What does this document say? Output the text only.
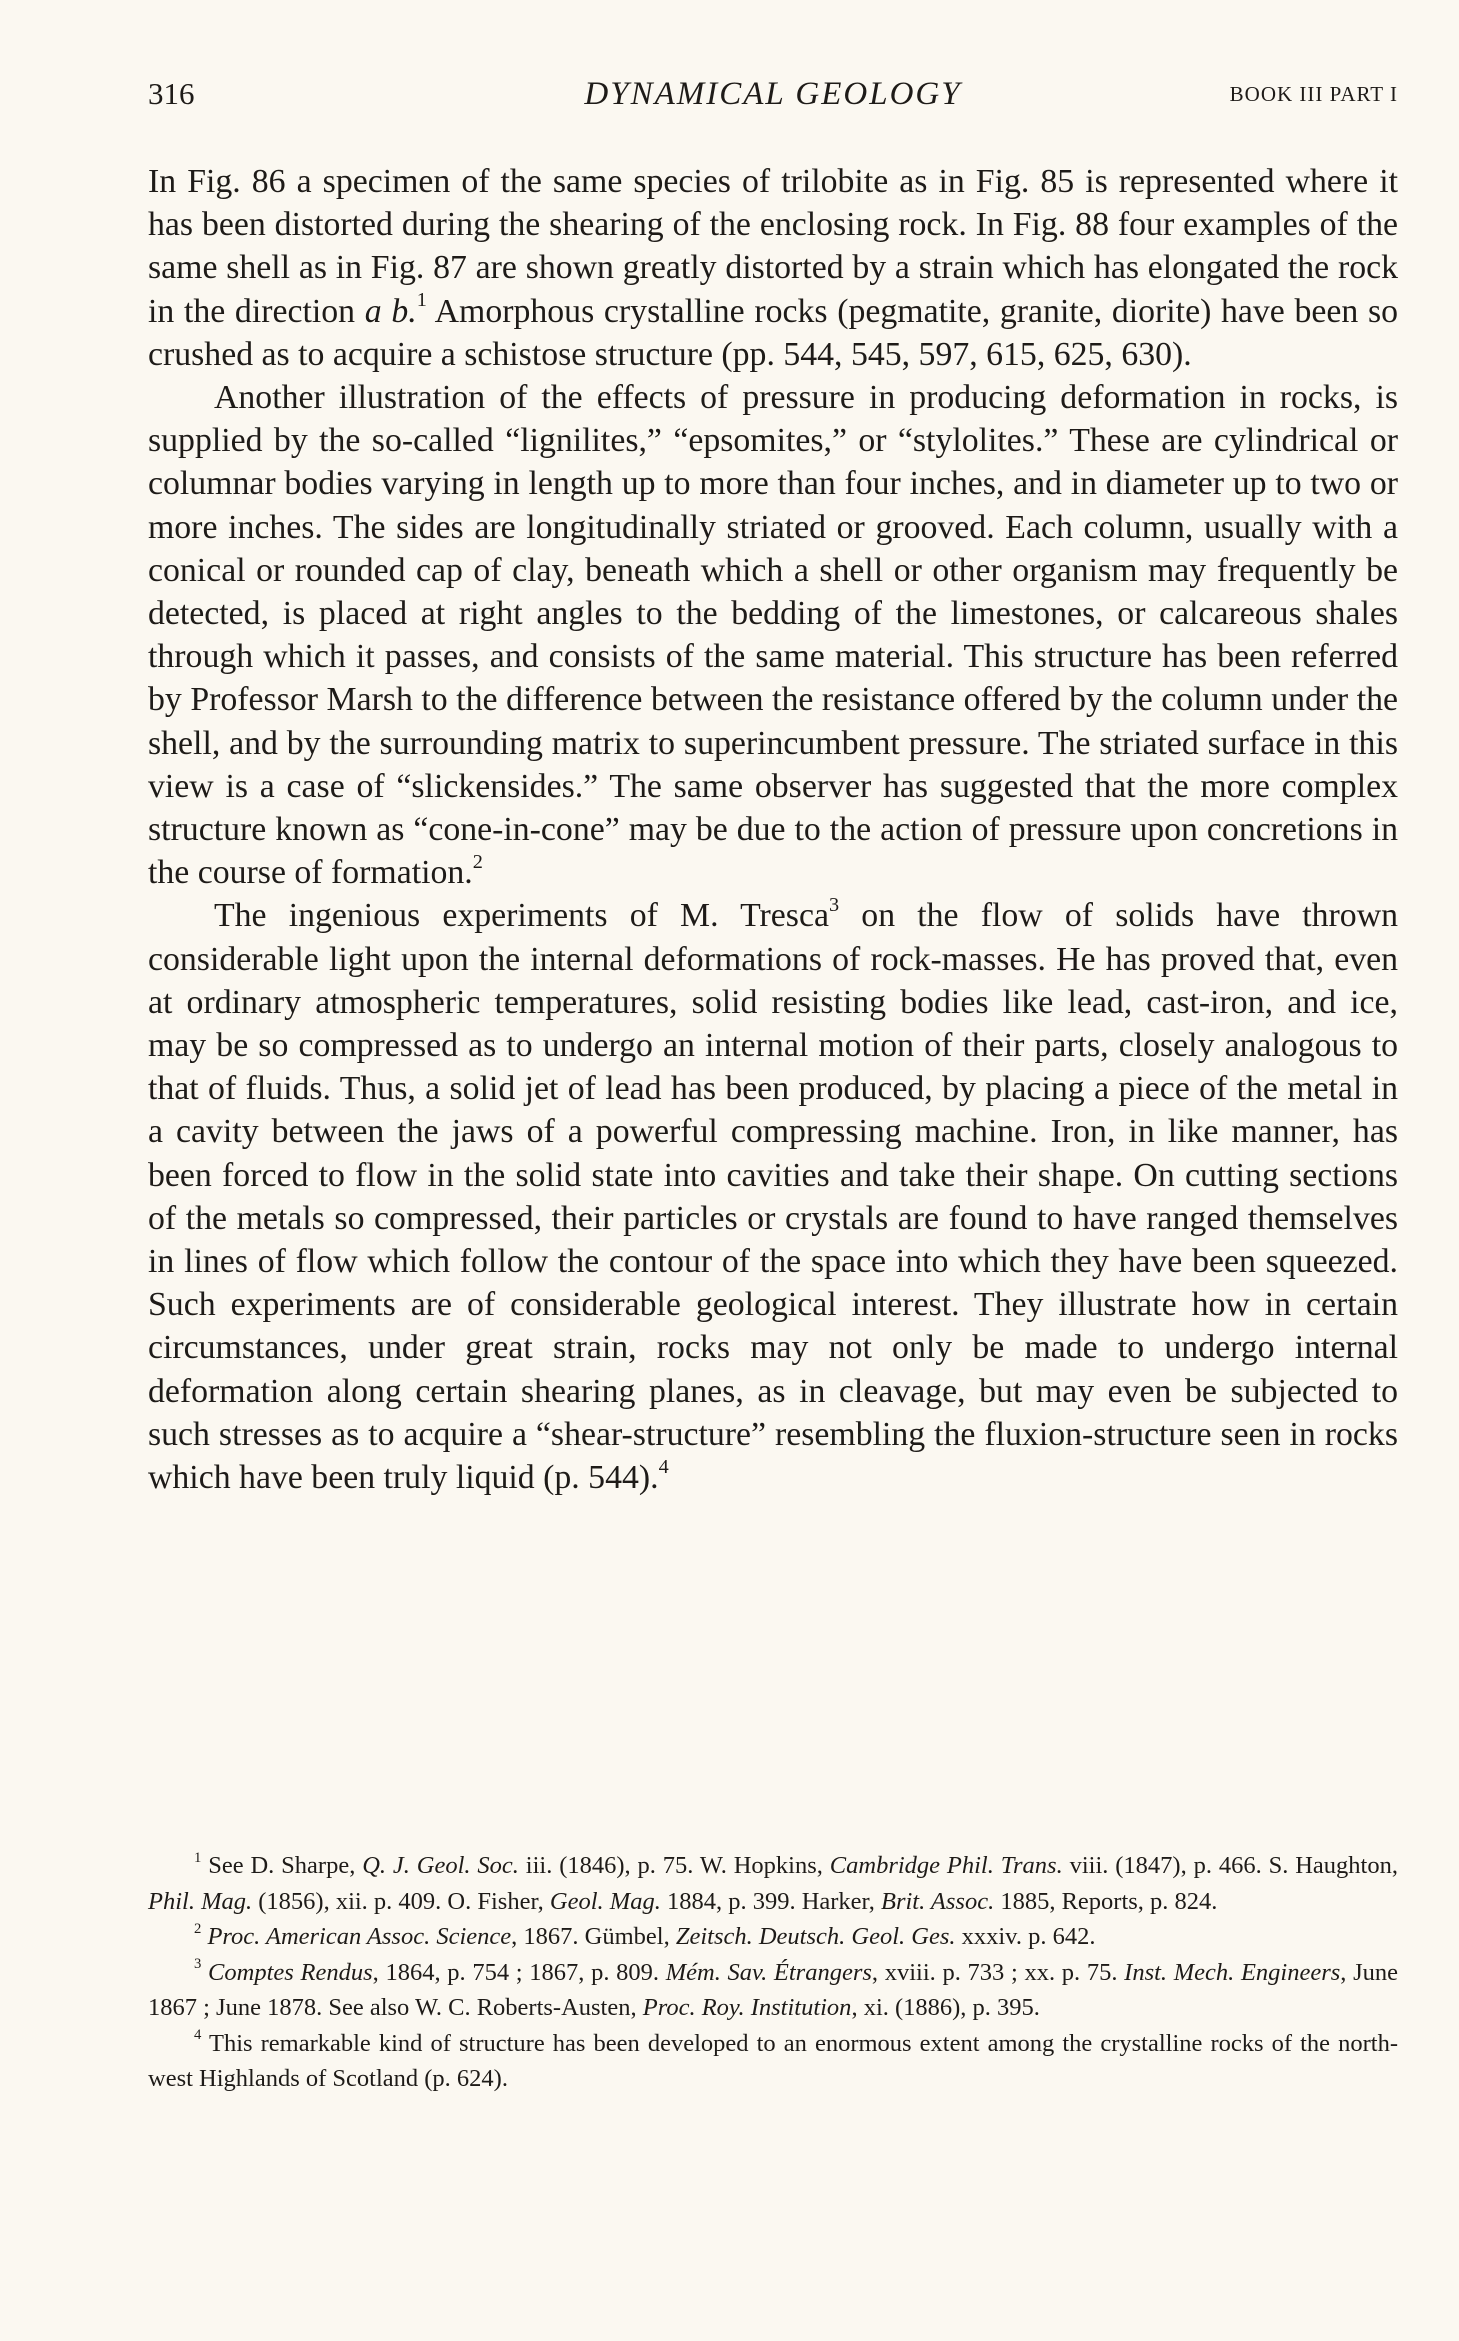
316	DYNAMICAL GEOLOGY	BOOK III PART I

In Fig. 86 a specimen of the same species of trilobite as in Fig. 85 is represented where it has been distorted during the shearing of the enclosing rock. In Fig. 88 four examples of the same shell as in Fig. 87 are shown greatly distorted by a strain which has elongated the rock in the direction a b.$^1$ Amorphous crystalline rocks (pegmatite, granite, diorite) have been so crushed as to acquire a schistose structure (pp. 544, 545, 597, 615, 625, 630).

Another illustration of the effects of pressure in producing deformation in rocks, is supplied by the so-called “lignilites,” “epsomites,” or “stylolites.” These are cylindrical or columnar bodies varying in length up to more than four inches, and in diameter up to two or more inches. The sides are longitudinally striated or grooved. Each column, usually with a conical or rounded cap of clay, beneath which a shell or other organism may frequently be detected, is placed at right angles to the bedding of the limestones, or calcareous shales through which it passes, and consists of the same material. This structure has been referred by Professor Marsh to the difference between the resistance offered by the column under the shell, and by the surrounding matrix to superincumbent pressure. The striated surface in this view is a case of “slickensides.” The same observer has suggested that the more complex structure known as “cone-in-cone” may be due to the action of pressure upon concretions in the course of formation.$^2$

The ingenious experiments of M. Tresca$^3$ on the flow of solids have thrown considerable light upon the internal deformations of rock-masses. He has proved that, even at ordinary atmospheric temperatures, solid resisting bodies like lead, cast-iron, and ice, may be so compressed as to undergo an internal motion of their parts, closely analogous to that of fluids. Thus, a solid jet of lead has been produced, by placing a piece of the metal in a cavity between the jaws of a powerful compressing machine. Iron, in like manner, has been forced to flow in the solid state into cavities and take their shape. On cutting sections of the metals so compressed, their particles or crystals are found to have ranged themselves in lines of flow which follow the contour of the space into which they have been squeezed. Such experiments are of considerable geological interest. They illustrate how in certain circumstances, under great strain, rocks may not only be made to undergo internal deformation along certain shearing planes, as in cleavage, but may even be subjected to such stresses as to acquire a “shear-structure” resembling the fluxion-structure seen in rocks which have been truly liquid (p. 544).$^4$

$^1$ See D. Sharpe, Q. J. Geol. Soc. iii. (1846), p. 75. W. Hopkins, Cambridge Phil. Trans. viii. (1847), p. 466. S. Haughton, Phil. Mag. (1856), xii. p. 409. O. Fisher, Geol. Mag. 1884, p. 399. Harker, Brit. Assoc. 1885, Reports, p. 824.

$^2$ Proc. American Assoc. Science, 1867. Gümbel, Zeitsch. Deutsch. Geol. Ges. xxxiv. p. 642.

$^3$ Comptes Rendus, 1864, p. 754 ; 1867, p. 809. Mém. Sav. Étrangers, xviii. p. 733 ; xx. p. 75. Inst. Mech. Engineers, June 1867 ; June 1878. See also W. C. Roberts-Austen, Proc. Roy. Institution, xi. (1886), p. 395.

$^4$ This remarkable kind of structure has been developed to an enormous extent among the crystalline rocks of the north-west Highlands of Scotland (p. 624).
